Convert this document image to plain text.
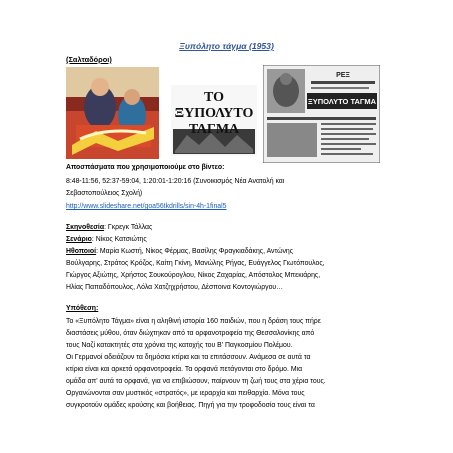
Ξυπόλητο τάγμα (1953)
(Σαλταδόροι)
ΤΟ
ΞΥΠΟΛΥΤΟ
ΤΑΓΜΑ
ΡΕΞ
ΞΥΠΟΛΥΤΟ ΤΑΓΜΑ
Αποσπάσματα που χρησιμοποιούμε στο βίντεο:
8:48-11:56, 52:37-59:04, 1:20:01-1:20:16 (Συνοικισμός Νέα Ανατολή και
Σεβαστοπούλειος Σχολή)
http://www.slideshare.net/goa56tkdrills/sin-4h-1final5
Σκηνοθεσία: Γκρεγκ Τάλλας
Σενάριο: Νίκος Κατσιώτης
Ηθοποιοί: Μαρία Κωστή, Νίκος Φέρμας, Βασίλης Φραγκιαδάκης, Αντώνης
Βούλγαρης, Στράτος Κρόζος, Καίτη Γκίνη, Μανώλης Ρήγας, Ευάγγελος Γιωτόπουλος,
Γιώργος Αξιώτης, Χρήστος Σουκούρογλου, Νίκος Ζαχαρίας, Απόστολος Μπεκιάρης,
Ηλίας Παπαδόπουλος, Λόλα Χατζηχρήστου, Δέσποινα Κοντογιώργου…
Υπόθεση:
Το «Ξυπόλητο Τάγμα» είναι η αληθινή ιστορία 160 παιδιών, που η δράση τους πήρε
διαστάσεις μύθου, όταν διώχτηκαν από τα ορφανοτροφεία της Θεσσαλονίκης από
τους Ναζί κατακτητές στα χρόνια της κατοχής του Β' Παγκοσμίου Πολέμου.
Οι Γερμανοί αδειάζουν τα δημόσια κτίρια και τα επιτάσσουν. Ανάμεσα σε αυτά τα
κτίρια είναι και αρκετά ορφανοτροφεία. Τα ορφανά πετάγονται στο δρόμο. Μια
ομάδα απ' αυτά τα ορφανά, για να επιβιώσουν, παίρνουν τη ζωή τους στα χέρια τους.
Οργανώνονται σαν μυστικός «στρατός», με ιεραρχία και πειθαρχία. Μόνα τους
συγκροτούν ομάδες κρούσης και βοήθειας. Πηγή για την τροφοδοσία τους είναι τα
